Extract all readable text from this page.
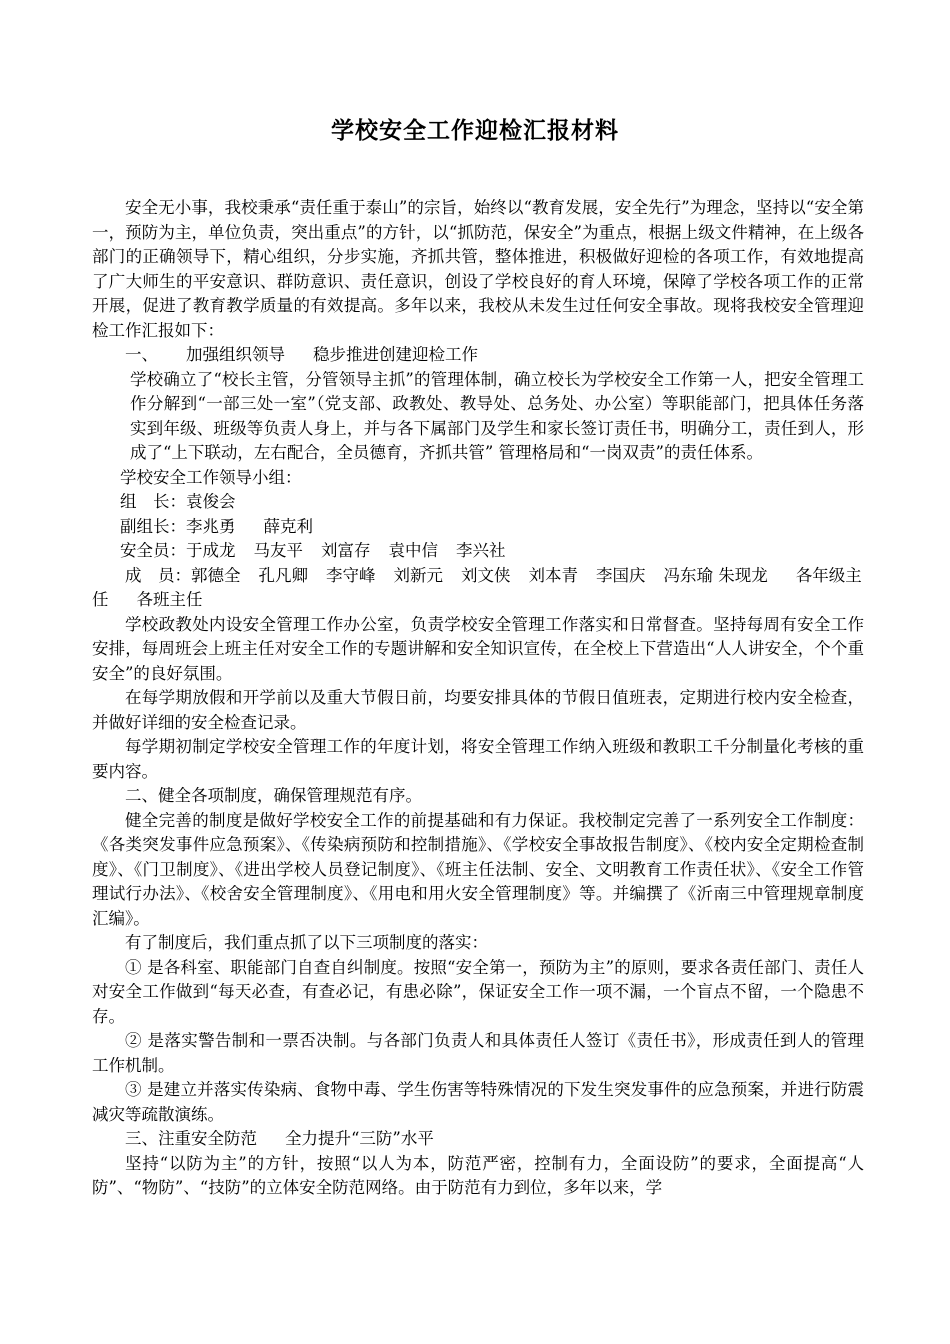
学校安全工作迎检汇报材料

安全无小事，我校秉承“责任重于泰山”的宗旨，始终以“教育发展，安全先行”为理念，坚持以“安全第一，预防为主，单位负责，突出重点”的方针，以“抓防范，保安全”为重点，根据上级文件精神，在上级各部门的正确领导下，精心组织，分步实施，齐抓共管，整体推进，积极做好迎检的各项工作，有效地提高了广大师生的平安意识、群防意识、责任意识，创设了学校良好的育人环境，保障了学校各项工作的正常开展，促进了教育教学质量的有效提高。多年以来，我校从未发生过任何安全事故。现将我校安全管理迎检工作汇报如下：

一、 加强组织领导 稳步推进创建迎检工作

学校确立了“校长主管，分管领导主抓”的管理体制，确立校长为学校安全工作第一人，把安全管理工作分解到“一部三处一室”（党支部、政教处、教导处、总务处、办公室）等职能部门，把具体任务落实到年级、班级等负责人身上，并与各下属部门及学生和家长签订责任书，明确分工，责任到人，形成了“上下联动，左右配合，全员德育，齐抓共管” 管理格局和“一岗双责”的责任体系。

学校安全工作领导小组：

组　长：袁俊会

副组长：李兆勇 薛克利

安全员：于成龙 马友平 刘富存 袁中信 李兴社

成　员：郭德全 孔凡卿 李守峰 刘新元 刘文侠 刘本青 李国庆 冯东瑜 朱现龙 各年级主任 各班主任

学校政教处内设安全管理工作办公室，负责学校安全管理工作落实和日常督查。坚持每周有安全工作安排，每周班会上班主任对安全工作的专题讲解和安全知识宣传，在全校上下营造出“人人讲安全，个个重安全”的良好氛围。

在每学期放假和开学前以及重大节假日前，均要安排具体的节假日值班表，定期进行校内安全检查，并做好详细的安全检查记录。

每学期初制定学校安全管理工作的年度计划，将安全管理工作纳入班级和教职工千分制量化考核的重要内容。

二、健全各项制度，确保管理规范有序。

健全完善的制度是做好学校安全工作的前提基础和有力保证。我校制定完善了一系列安全工作制度：《各类突发事件应急预案》、《传染病预防和控制措施》、《学校安全事故报告制度》、《校内安全定期检查制度》、《门卫制度》、《进出学校人员登记制度》、《班主任法制、安全、文明教育工作责任状》、《安全工作管理试行办法》、《校舍安全管理制度》、《用电和用火安全管理制度》等。并编撰了《沂南三中管理规章制度汇编》。

有了制度后，我们重点抓了以下三项制度的落实：

① 是各科室、职能部门自查自纠制度。按照“安全第一，预防为主”的原则，要求各责任部门、责任人对安全工作做到“每天必查，有查必记，有患必除”，保证安全工作一项不漏，一个盲点不留，一个隐患不存。

② 是落实警告制和一票否决制。与各部门负责人和具体责任人签订《责任书》，形成责任到人的管理工作机制。

③ 是建立并落实传染病、食物中毒、学生伤害等特殊情况的下发生突发事件的应急预案，并进行防震减灾等疏散演练。

三、注重安全防范 全力提升“三防”水平

坚持“以防为主”的方针，按照“以人为本，防范严密，控制有力，全面设防”的要求，全面提高“人防”、“物防”、“技防”的立体安全防范网络。由于防范有力到位，多年以来，学
